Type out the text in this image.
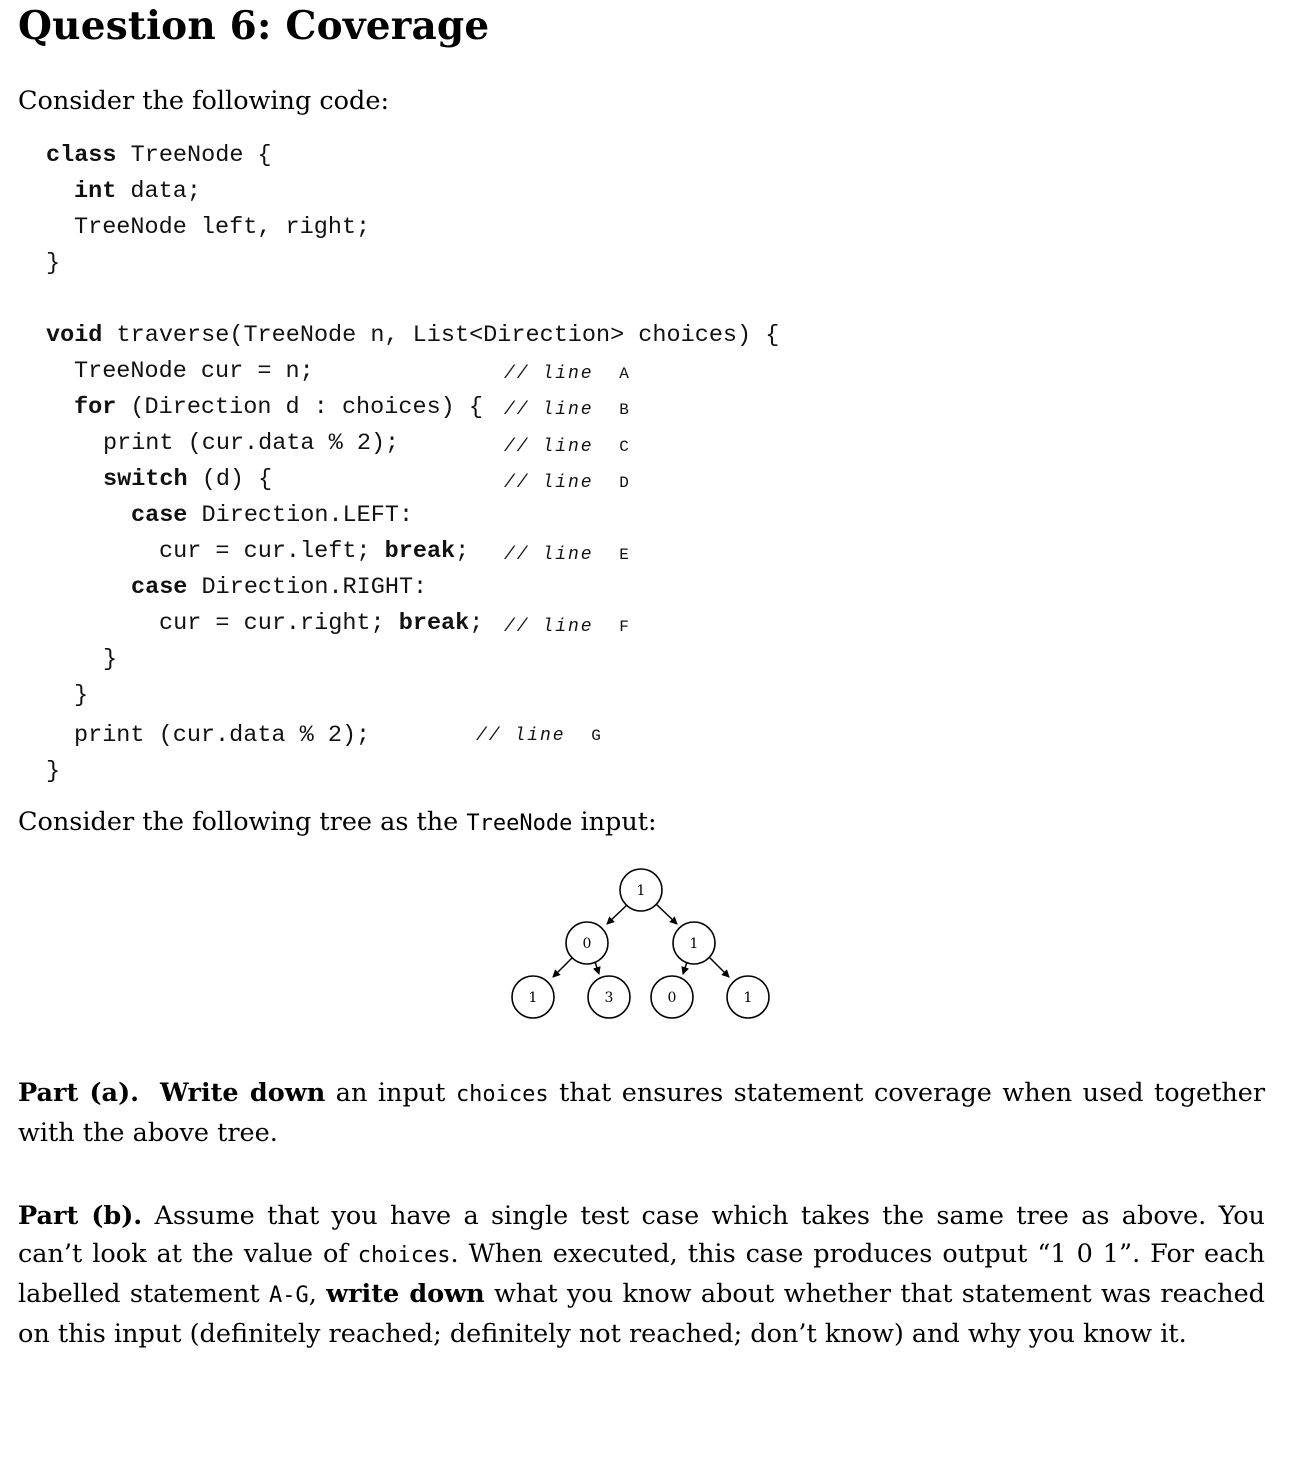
Question 6: Coverage

Consider the following code:

class TreeNode {
int data;
TreeNode left, right;
}
void traverse(TreeNode n, List<Direction> choices) {
TreeNode cur = n;
for (Direction d : choices) {
print (cur.data % 2);
switch (d) {
case Direction.LEFT:
cur = cur.left; break;
case Direction.RIGHT:
cur = cur.right; break;
}
}
print (cur.data % 2);
}
// line  A
// line  B
// line  C
// line  D
// line  E
// line  F
// line  G

Consider the following tree as the TreeNode input:

1
0	1
1	3	0	1

Part (a). Write down an input choices that ensures statement coverage when used together with the above tree.

Part (b). Assume that you have a single test case which takes the same tree as above. You can’t look at the value of choices. When executed, this case produces output “1 0 1”. For each labelled statement A-G, write down what you know about whether that statement was reached on this input (definitely reached; definitely not reached; don’t know) and why you know it.
